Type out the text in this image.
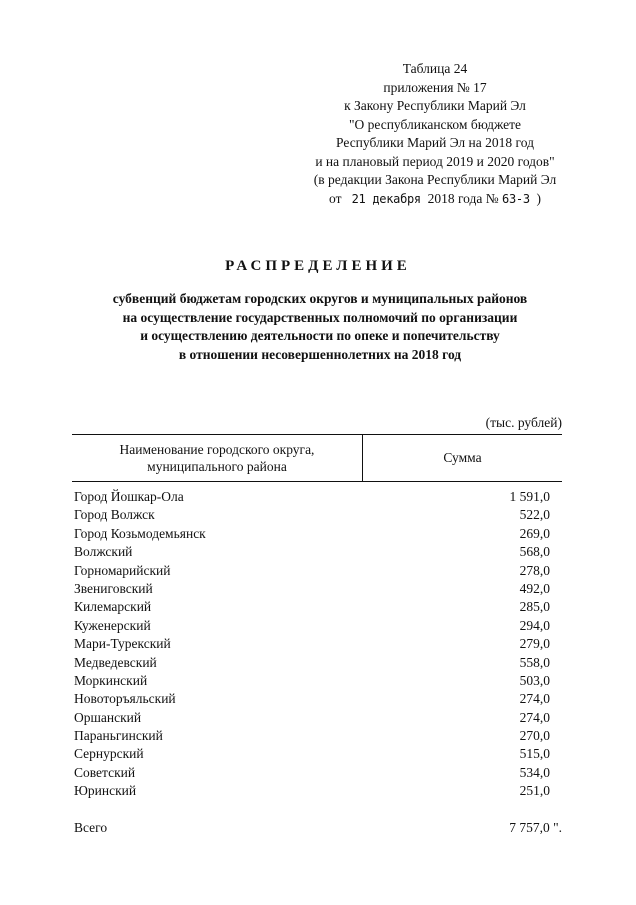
Таблица 24
приложения № 17
к Закону Республики Марий Эл
"О республиканском бюджете
Республики Марий Эл на 2018 год
и на плановый период 2019 и 2020 годов"
(в редакции Закона Республики Марий Эл
от 21 декабря 2018 года № 63-З )
РАСПРЕДЕЛЕНИЕ
субвенций бюджетам городских округов и муниципальных районов
на осуществление государственных полномочий по организации
и осуществлению деятельности по опеке и попечительству
в отношении несовершеннолетних на 2018 год
(тыс. рублей)
Наименование городского округа,
муниципального района
Сумма
Город Йошкар-Ола	1 591,0
Город Волжск	522,0
Город Козьмодемьянск	269,0
Волжский	568,0
Горномарийский	278,0
Звениговский	492,0
Килемарский	285,0
Куженерский	294,0
Мари-Турекский	279,0
Медведевский	558,0
Моркинский	503,0
Новоторъяльский	274,0
Оршанский	274,0
Параньгинский	270,0
Сернурский	515,0
Советский	534,0
Юринский	251,0
Всего	7 757,0 ".
